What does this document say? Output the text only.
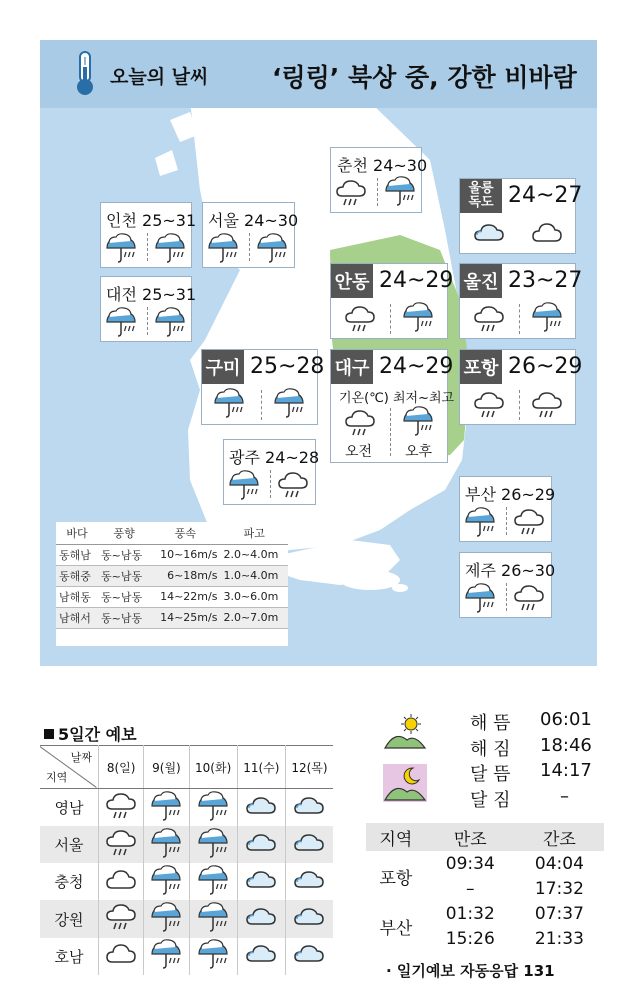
오늘의 날씨	‘링링’ 북상 중, 강한 비바람
춘천 24~30
인천 25~31 서울 24~30
대전 25~31
울릉
독도 24~27
안동 24~29 울진 23~27
구미 25~28 대구 24~29
기온(℃) 최저~최고
오전 오후
포항 26~29
광주 24~28
부산 26~29
제주 26~30
바다	풍향	풍속	파고
동해남	동~남동	10~16m/s	2.0~4.0m
동해중	동~남동	6~18m/s	1.0~4.0m
남해동	동~남동	14~22m/s	3.0~6.0m
남해서	동~남동	14~25m/s	2.0~7.0m
5일간 예보
날짜
지역	8(일)	9(월)	10(화)	11(수)	12(목)
영남					
서울					
충청					
강원					
호남					
해 뜸 06:01
해 짐 18:46
달 뜸 14:17
달 짐	–
지역	만조	간조
포항	09:34	04:04
	–	17:32
부산	01:32	07:37
	15:26	21:33
· 일기예보 자동응답 131
